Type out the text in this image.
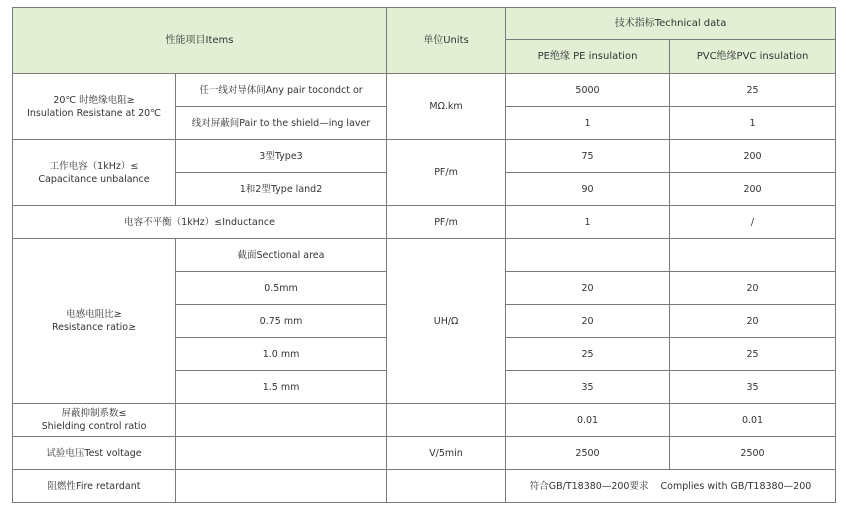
性能项目Items		单位Units	技术指标Technical data	
			PE绝缘 PE insulation	PVC绝缘PVC insulation

20℃ 时绝缘电阻≥
Insulation Resistane at 20℃	任一线对导体间Any pair tocondct or	MΩ.km	5000	25
	线对屏蔽间Pair to the shield—ing laver		1	1

工作电容（1kHz）≤
Capacitance unbalance	3型Type3	PF/m	75	200
	1和2型Type land2		90	200
电容不平衡（1kHz）≤Inductance		PF/m	1	/

电感电阻比≥
Resistance ratio≥	截面Sectional area	UH/Ω		
	0.5mm		20	20
	0.75 mm		20	20
	1.0 mm		25	25
	1.5 mm		35	35

屏蔽抑制系数≤
Shielding control ratio			0.01	0.01
试验电压Test voltage		V/5min	2500	2500
阻燃性Fire retardant			符合GB/T18380—200要求    Complies with GB/T18380—200	
